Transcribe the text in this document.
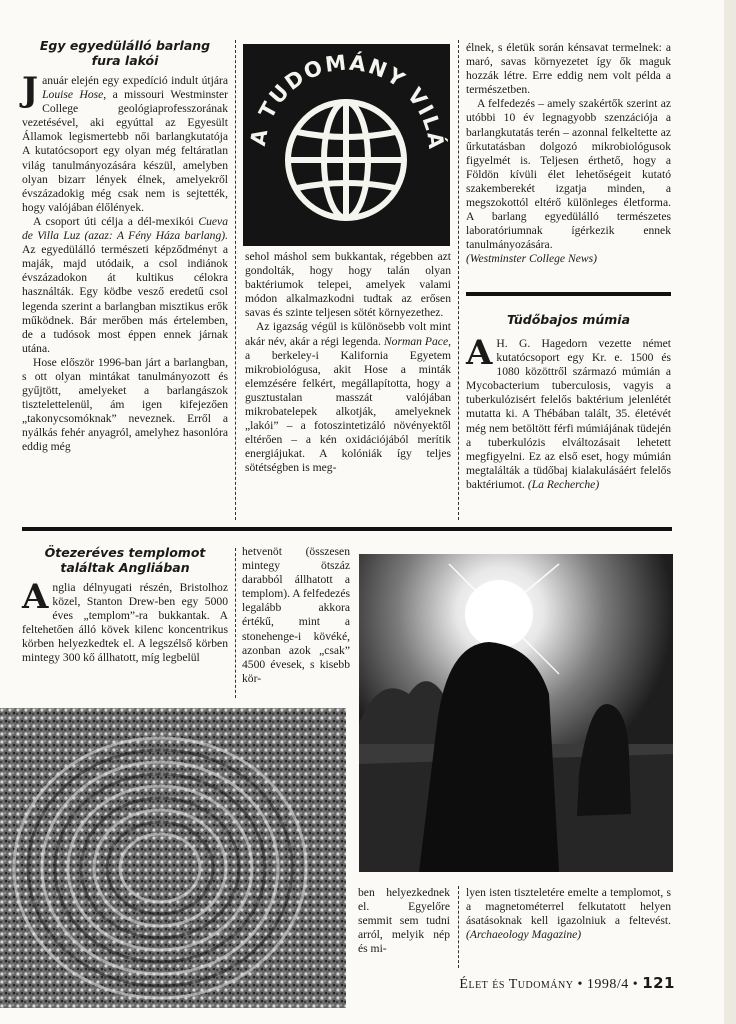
Egy egyedülálló barlang
fura lakói

Január elején egy expedíció indult útjára Louise Hose, a missouri Westminster College geológiaprofesszorának vezetésével, aki egyúttal az Egyesült Államok legismertebb női barlangkutatója A kutatócsoport egy olyan még feltáratlan világ tanulmányozására készül, amelyben olyan bizarr lények élnek, amelyekről évszázadokig még csak nem is sejtették, hogy valójában élőlények.

A csoport úti célja a dél-mexikói Cueva de Villa Luz (azaz: A Fény Háza barlang). Az egyedülálló természeti képződményt a maják, majd utódaik, a csol indiánok évszázadokon át kultikus célokra használták. Egy ködbe vesző eredetű csol legenda szerint a barlangban misztikus erők működnek. Bár merőben más értelemben, de a tudósok most éppen ennek járnak utána.

Hose először 1996-ban járt a barlangban, s ott olyan mintákat tanulmányozott és gyűjtött, amelyeket a barlangászok tisztelettelenül, ám igen kifejezően „takonycsomóknak” neveznek. Erről a nyálkás fehér anyagról, amelyhez hasonlóra eddig még

A TUDOMÁNY VILÁ

sehol máshol sem bukkantak, régebben azt gondolták, hogy hogy talán olyan baktériumok telepei, amelyek valami módon alkalmazkodni tudtak az erősen savas és szinte teljesen sötét környezethez.

Az igazság végül is különösebb volt mint akár név, akár a régi legenda. Norman Pace, a berkeley-i Kalifornia Egyetem mikrobiológusa, akit Hose a minták elemzésére felkért, megállapította, hogy a gusztustalan masszát valójában mikrobatelepek alkotják, amelyeknek „lakói” – a fotoszintetizáló növényektől eltérően – a kén oxidációjából merítik energiájukat. A kolóniák így teljes sötétségben is meg-

élnek, s életük során kénsavat termelnek: a maró, savas környezetet így ők maguk hozzák létre. Erre eddig nem volt példa a természetben.

A felfedezés – amely szakértők szerint az utóbbi 10 év legnagyobb szenzációja a barlangkutatás terén – azonnal felkeltette az űrkutatásban dolgozó mikrobiológusok figyelmét is. Teljesen érthető, hogy a Földön kívüli élet lehetőségeit kutató szakemberekét izgatja minden, a megszokottól eltérő különleges életforma. A barlang egyedülálló természetes laboratóriumnak ígérkezik ennek tanulmányozására.

(Westminster College News)

Tüdőbajos múmia

A H. G. Hagedorn vezette német kutatócsoport egy Kr. e. 1500 és 1080 közöttről származó múmián a Mycobacterium tuberculosis, vagyis a tuberkulózisért felelős baktérium jelenlétét mutatta ki. A Thébában talált, 35. életévét még nem betöltött férfi múmiájának tüdején a tuberkulózis elváltozásait lehetett megfigyelni. Ez az első eset, hogy múmián megtalálták a tüdőbaj kialakulásáért felelős baktériumot. (La Recherche)

Ötezeréves templomot
találtak Angliában

Anglia délnyugati részén, Bristolhoz közel, Stanton Drew-ben egy 5000 éves „templom”-ra bukkantak. A feltehetően álló kövek kilenc koncentrikus körben helyezkedtek el. A legszélső körben mintegy 300 kő állhatott, míg legbelül

hetvenöt (összesen mintegy ötszáz darabból állhatott a templom). A felfedezés legalább akkora értékű, mint a stonehenge-i kövéké, azonban azok „csak” 4500 évesek, s kisebb kör-

ben helyezkednek el. Egyelőre semmit sem tudni arról, melyik nép és mi-

lyen isten tiszteletére emelte a templomot, s a magnetométerrel felkutatott helyen ásatásoknak kell igazolniuk a feltevést. (Archaeology Magazine)

Élet és Tudomány • 1998/4 • 121
